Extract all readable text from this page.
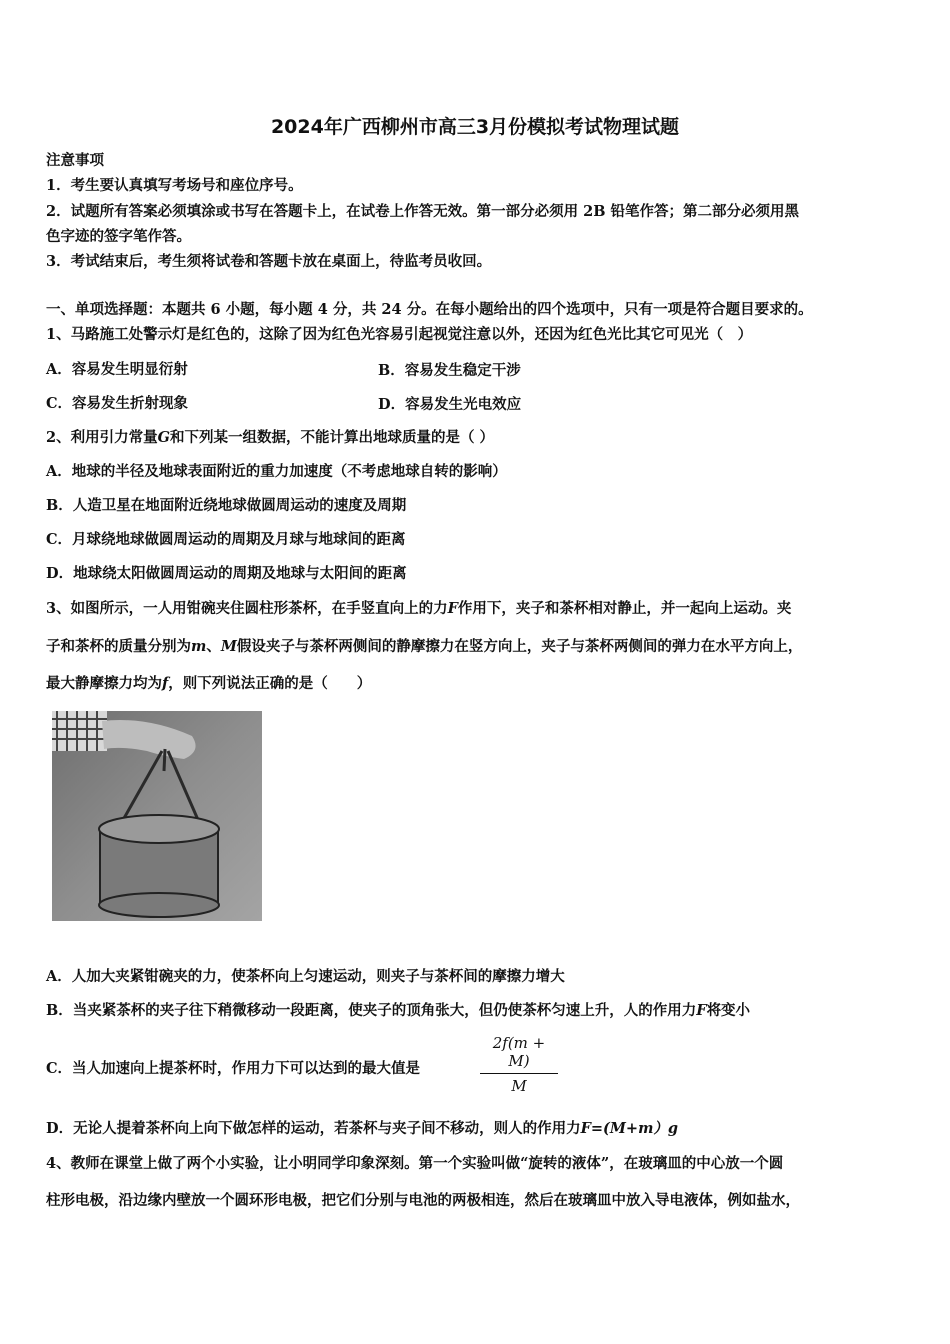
2024年广西柳州市高三3月份模拟考试物理试题
注意事项
1．考生要认真填写考场号和座位序号。
2．试题所有答案必须填涂或书写在答题卡上，在试卷上作答无效。第一部分必须用 2B 铅笔作答；第二部分必须用黑
色字迹的签字笔作答。
3．考试结束后，考生须将试卷和答题卡放在桌面上，待监考员收回。
一、单项选择题：本题共 6 小题，每小题 4 分，共 24 分。在每小题给出的四个选项中，只有一项是符合题目要求的。
1、马路施工处警示灯是红色的，这除了因为红色光容易引起视觉注意以外，还因为红色光比其它可见光（　）
A．容易发生明显衍射	B．容易发生稳定干涉
C．容易发生折射现象	D．容易发生光电效应
2、利用引力常量G和下列某一组数据，不能计算出地球质量的是（ ）
A．地球的半径及地球表面附近的重力加速度（不考虑地球自转的影响）
B．人造卫星在地面附近绕地球做圆周运动的速度及周期
C．月球绕地球做圆周运动的周期及月球与地球间的距离
D．地球绕太阳做圆周运动的周期及地球与太阳间的距离
3、如图所示，一人用钳碗夹住圆柱形茶杯，在手竖直向上的力F作用下，夹子和茶杯相对静止，并一起向上运动。夹
子和茶杯的质量分别为m、M假设夹子与茶杯两侧间的静摩擦力在竖方向上，夹子与茶杯两侧间的弹力在水平方向上，
最大静摩擦力均为f，则下列说法正确的是（　　）
A．人加大夹紧钳碗夹的力，使茶杯向上匀速运动，则夹子与茶杯间的摩擦力增大
B．当夹紧茶杯的夹子往下稍微移动一段距离，使夹子的顶角张大，但仍使茶杯匀速上升，人的作用力F将变小
C．当人加速向上提茶杯时，作用力下可以达到的最大值是	$\frac{2f(m + M)}{M}$
D．无论人提着茶杯向上向下做怎样的运动，若茶杯与夹子间不移动，则人的作用力F=(M+m）g
4、教师在课堂上做了两个小实验，让小明同学印象深刻。第一个实验叫做“旋转的液体”，在玻璃皿的中心放一个圆
柱形电极，沿边缘内壁放一个圆环形电极，把它们分别与电池的两极相连，然后在玻璃皿中放入导电液体，例如盐水，
